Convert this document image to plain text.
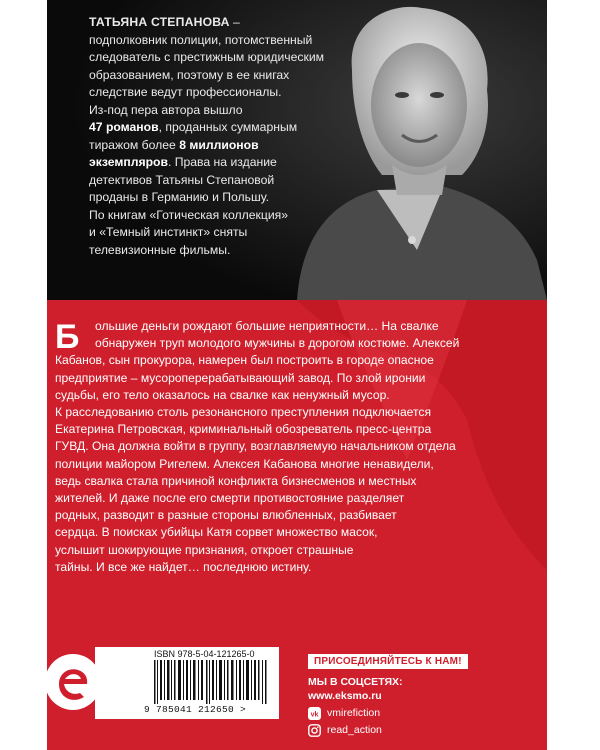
ТАТЬЯНА СТЕПАНОВА –
подполковник полиции, потомственный
следователь с престижным юридическим
образованием, поэтому в ее книгах
следствие ведут профессионалы.
Из-под пера автора вышло
47 романов, проданных суммарным
тиражом более 8 миллионов
экземпляров. Права на издание
детективов Татьяны Степановой
проданы в Германию и Польшу.
По книгам «Готическая коллекция»
и «Темный инстинкт» сняты
телевизионные фильмы.
Б	ольшие деньги рождают большие неприятности… На свалке
обнаружен труп молодого мужчины в дорогом костюме. Алексей
Кабанов, сын прокурора, намерен был построить в городе опасное
предприятие – мусороперерабатывающий завод. По злой иронии
судьбы, его тело оказалось на свалке как ненужный мусор.
К расследованию столь резонансного преступления подключается
Екатерина Петровская, криминальный обозреватель пресс-центра
ГУВД. Она должна войти в группу, возглавляемую начальником отдела
полиции майором Ригелем. Алексея Кабанова многие ненавидели,
ведь свалка стала причиной конфликта бизнесменов и местных
жителей. И даже после его смерти противостояние разделяет
родных, разводит в разные стороны влюбленных, разбивает
сердца. В поисках убийцы Катя сорвет множество масок,
услышит шокирующие признания, откроет страшные
тайны. И все же найдет… последнюю истину.
ISBN 978-5-04-121265-0
9 785041 212650 >
ПРИСОЕДИНЯЙТЕСЬ К НАМ!
МЫ В СОЦСЕТЯХ:
www.eksmo.ru
vk vmirefiction
read_action
